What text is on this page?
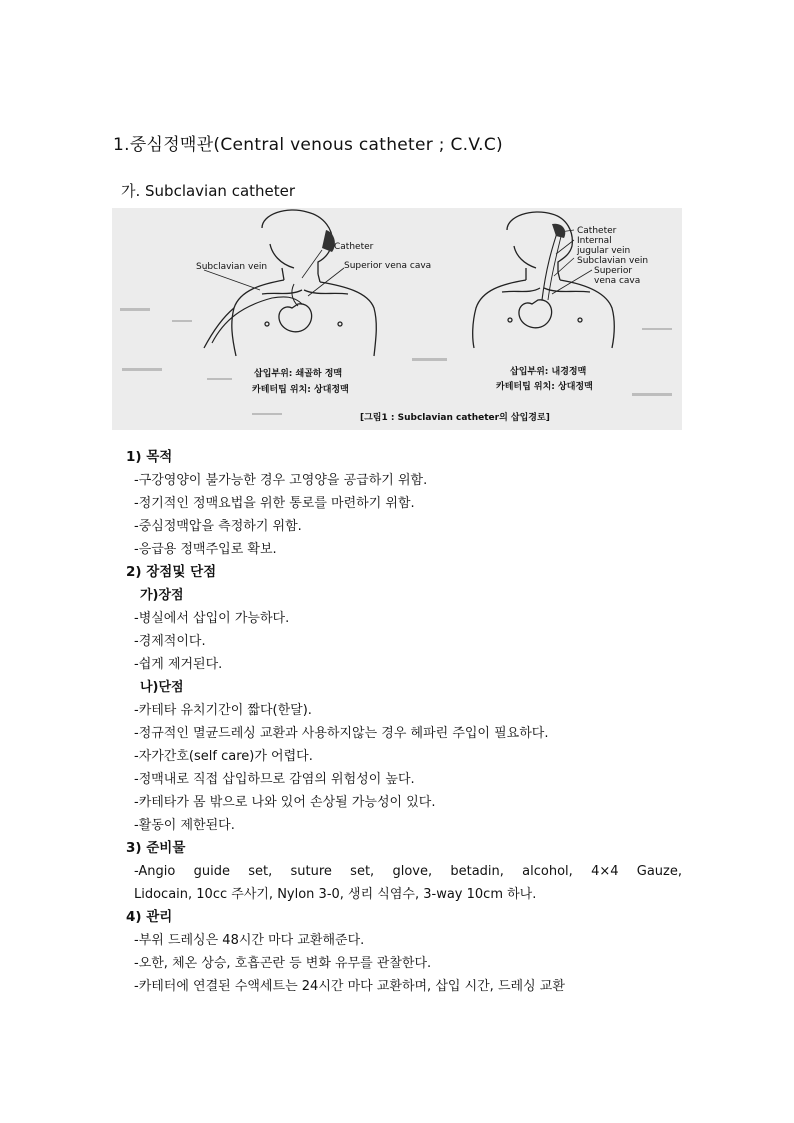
1.중심정맥관(Central venous catheter ; C.V.C)
가. Subclavian catheter
Subclavian vein
Catheter
Superior vena cava
삽입부위: 쇄골하 정맥
카테터팁 위치: 상대정맥
Catheter
Internal jugular vein
Subclavian vein
Superior vena cava
삽입부위: 내경정맥
카테터팁 위치: 상대정맥
[그림1 : Subclavian catheter의 삽입경로]
1) 목적
-구강영양이 불가능한 경우 고영양을 공급하기 위함.
-정기적인 정맥요법을 위한 통로를 마련하기 위함.
-중심정맥압을 측정하기 위함.
-응급용 정맥주입로 확보.
2) 장점및 단점
가)장점
-병실에서 삽입이 가능하다.
-경제적이다.
-쉽게 제거된다.
나)단점
-카테타 유치기간이 짧다(한달).
-정규적인 멸균드레싱 교환과 사용하지않는 경우 헤파린 주입이 필요하다.
-자가간호(self care)가 어렵다.
-정맥내로 직접 삽입하므로 감염의 위험성이 높다.
-카테타가 몸 밖으로 나와 있어 손상될 가능성이 있다.
-활동이 제한된다.
3) 준비물
-Angio guide set, suture set, glove, betadin, alcohol, 4×4 Gauze,
Lidocain, 10cc 주사기, Nylon 3-0, 생리 식염수, 3-way 10cm 하나.
4) 관리
-부위 드레싱은 48시간 마다 교환해준다.
-오한, 체온 상승, 호흡곤란 등 변화 유무를 관찰한다.
-카테터에 연결된 수액세트는 24시간 마다 교환하며, 삽입 시간, 드레싱 교환
